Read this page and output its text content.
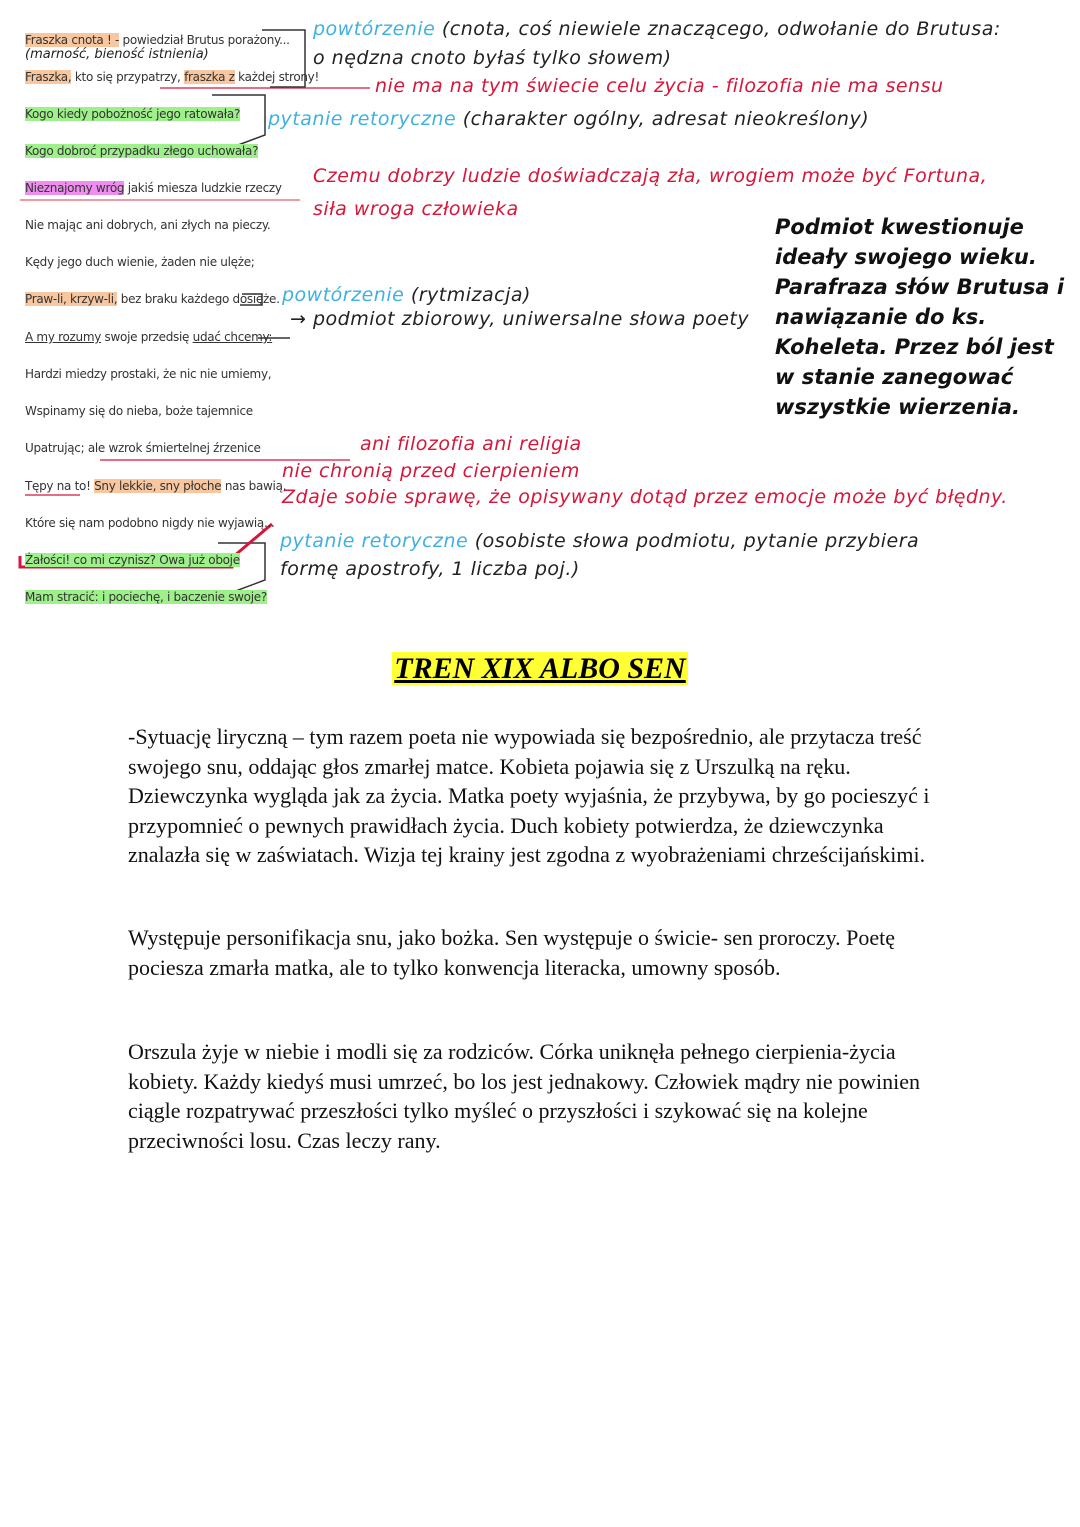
Fraszka cnota ! - powiedział Brutus porażony...
(marność, bieność istnienia)
Fraszka, kto się przypatrzy, fraszka z każdej strony!
Kogo kiedy pobożność jego ratowała?
Kogo dobroć przypadku złego uchowała?
Nieznajomy wróg jakiś miesza ludzkie rzeczy
Nie mając ani dobrych, ani złych na pieczy.
Kędy jego duch wienie, żaden nie ulęże;
Praw-li, krzyw-li, bez braku każdego dosięże.
A my rozumy swoje przedsię udać chcemy:
Hardzi miedzy prostaki, że nic nie umiemy,
Wspinamy się do nieba, boże tajemnice
Upatrując; ale wzrok śmiertelnej źrzenice
Tępy na to! Sny lekkie, sny płoche nas bawią,
Które się nam podobno nigdy nie wyjawią...
Żałości! co mi czynisz? Owa już oboje
Mam stracić: i pociechę, i baczenie swoje?
powtórzenie (cnota, coś niewiele znaczącego, odwołanie do Brutusa:
o nędzna cnoto byłaś tylko słowem)
nie ma na tym świecie celu życia - filozofia nie ma sensu
pytanie retoryczne (charakter ogólny, adresat nieokreślony)
Czemu dobrzy ludzie doświadczają zła, wrogiem może być Fortuna,
siła wroga człowieka
powtórzenie (rytmizacja)
→ podmiot zbiorowy, uniwersalne słowa poety
ani filozofia ani religia
nie chronią przed cierpieniem
Zdaje sobie sprawę, że opisywany dotąd przez emocje może być błędny.
pytanie retoryczne (osobiste słowa podmiotu, pytanie przybiera
formę apostrofy, 1 liczba poj.)
Podmiot kwestionuje ideały swojego wieku. Parafraza słów Brutusa i nawiązanie do ks. Koheleta. Przez ból jest w stanie zanegować wszystkie wierzenia.
TREN XIX ALBO SEN

-Sytuację liryczną – tym razem poeta nie wypowiada się bezpośrednio, ale przytacza treść swojego snu, oddając głos zmarłej matce. Kobieta pojawia się z Urszulką na ręku. Dziewczynka wygląda jak za życia. Matka poety wyjaśnia, że przybywa, by go pocieszyć i przypomnieć o pewnych prawidłach życia. Duch kobiety potwierdza, że dziewczynka znalazła się w zaświatach. Wizja tej krainy jest zgodna z wyobrażeniami chrześcijańskimi.

Występuje personifikacja snu, jako bożka. Sen występuje o świcie- sen proroczy. Poetę pociesza zmarła matka, ale to tylko konwencja literacka, umowny sposób.

Orszula żyje w niebie i modli się za rodziców. Córka uniknęła pełnego cierpienia-życia kobiety. Każdy kiedyś musi umrzeć, bo los jest jednakowy. Człowiek mądry nie powinien ciągle rozpatrywać przeszłości tylko myśleć o przyszłości i szykować się na kolejne przeciwności losu. Czas leczy rany.
